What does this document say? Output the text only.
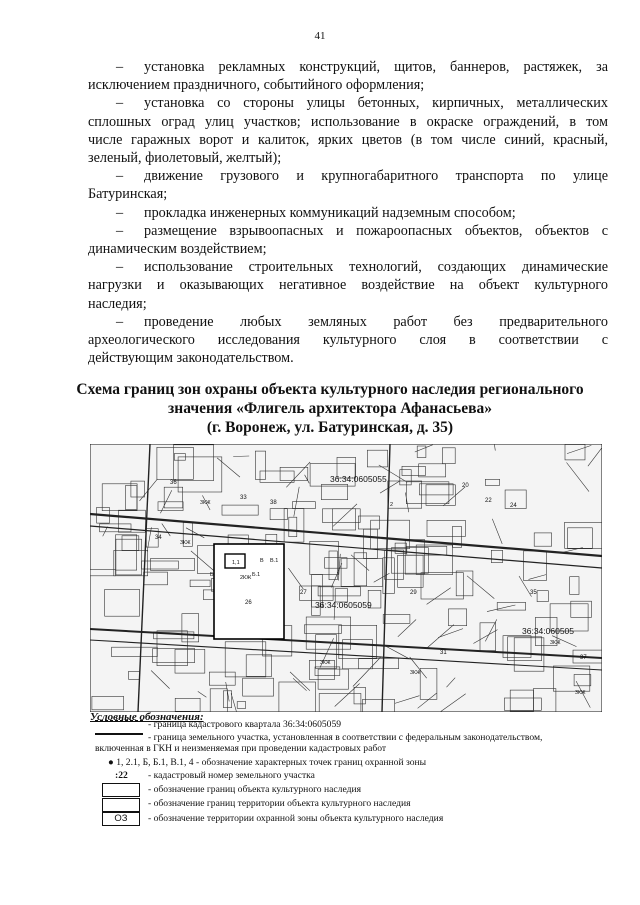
41
– установка рекламных конструкций, щитов, баннеров, растяжек, за
исключением праздничного, событийного оформления;
– установка со стороны улицы бетонных, кирпичных, металлических
сплошных оград улиц участков; использование в окраске ограждений, в том
числе гаражных ворот и калиток, ярких цветов (в том числе синий, красный,
зеленый, фиолетовый, желтый);
– движение грузового и крупногабаритного транспорта по улице
Батуринская;
– прокладка инженерных коммуникаций надземным способом;
– размещение взрывоопасных и пожароопасных объектов, объектов с
динамическим воздействием;
– использование строительных технологий, создающих динамические
нагрузки и оказывающих негативное воздействие на объект культурного
наследия;
– проведение любых земляных работ без предварительного
археологического исследования культурного слоя в соответствии с
действующим законодательством.
Схема границ зон охраны объекта культурного наследия регионального
значения «Флигель архитектора Афанасьева»
(г. Воронеж, ул. Батуринская, д. 35)
36:34:0605055
36:34:0605059
36:34:060505
20
22
24
26
27	29
31
33
34
35
36
37
38
1,1
2
ЗКЖ
ЗКЖ
ЗКЖ
ЗКЖ
ЗКЖ
ЗКЖ
2КЖ
Б	Б.1
В В.1
Условные обозначения:
- граница кадастрового квартала 36:34:0605059
- граница земельного участка, установленная в соответствии с федеральным законодательством,
включенная в ГКН и неизменяемая при проведении кадастровых работ
● 1, 2.1, Б, Б.1, В.1, 4 - обозначение характерных точек границ охранной зоны
:22 - кадастровый номер земельного участка
- обозначение границ объекта культурного наследия
- обозначение границ территории объекта культурного наследия
ОЗ	- обозначение территории охранной зоны объекта культурного наследия
